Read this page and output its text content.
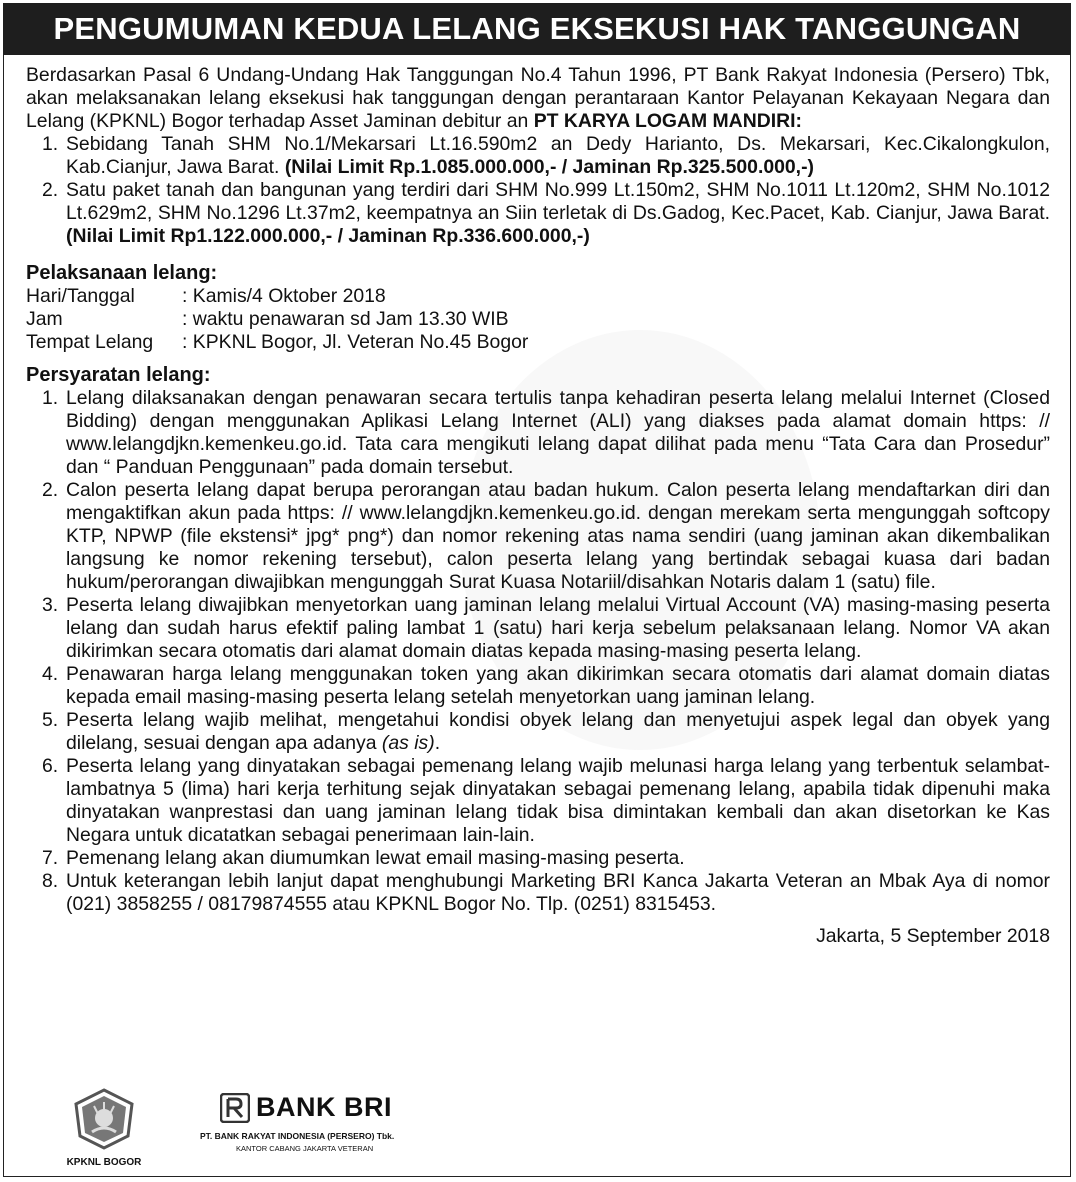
PENGUMUMAN KEDUA LELANG EKSEKUSI HAK TANGGUNGAN

Berdasarkan Pasal 6 Undang-Undang Hak Tanggungan No.4 Tahun 1996, PT Bank Rakyat Indonesia (Persero) Tbk, akan melaksanakan lelang eksekusi hak tanggungan dengan perantaraan Kantor Pelayanan Kekayaan Negara dan Lelang (KPKNL) Bogor terhadap Asset Jaminan debitur an PT KARYA LOGAM MANDIRI:

1. Sebidang Tanah SHM No.1/Mekarsari Lt.16.590m2 an Dedy Harianto, Ds. Mekarsari, Kec.Cikalongkulon, Kab.Cianjur, Jawa Barat. (Nilai Limit Rp.1.085.000.000,- / Jaminan Rp.325.500.000,-)
2. Satu paket tanah dan bangunan yang terdiri dari SHM No.999 Lt.150m2, SHM No.1011 Lt.120m2, SHM No.1012 Lt.629m2, SHM No.1296 Lt.37m2, keempatnya an Siin terletak di Ds.Gadog, Kec.Pacet, Kab. Cianjur, Jawa Barat. (Nilai Limit Rp1.122.000.000,- / Jaminan Rp.336.600.000,-)
Pelaksanaan lelang:
Hari/Tanggal	: Kamis/4 Oktober 2018
Jam	: waktu penawaran sd Jam 13.30 WIB
Tempat Lelang	: KPKNL Bogor, Jl. Veteran No.45 Bogor
Persyaratan lelang:
1. Lelang dilaksanakan dengan penawaran secara tertulis tanpa kehadiran peserta lelang melalui Internet (Closed Bidding) dengan menggunakan Aplikasi Lelang Internet (ALI) yang diakses pada alamat domain https: // www.lelangdjkn.kemenkeu.go.id. Tata cara mengikuti lelang dapat dilihat pada menu “Tata Cara dan Prosedur” dan “ Panduan Penggunaan” pada domain tersebut.
2. Calon peserta lelang dapat berupa perorangan atau badan hukum. Calon peserta lelang mendaftarkan diri dan mengaktifkan akun pada https: // www.lelangdjkn.kemenkeu.go.id. dengan merekam serta mengunggah softcopy KTP, NPWP (file ekstensi* jpg* png*) dan nomor rekening atas nama sendiri (uang jaminan akan dikembalikan langsung ke nomor rekening tersebut), calon peserta lelang yang bertindak sebagai kuasa dari badan hukum/perorangan diwajibkan mengunggah Surat Kuasa Notariil/disahkan Notaris dalam 1 (satu) file.
3. Peserta lelang diwajibkan menyetorkan uang jaminan lelang melalui Virtual Account (VA) masing-masing peserta lelang dan sudah harus efektif paling lambat 1 (satu) hari kerja sebelum pelaksanaan lelang. Nomor VA akan dikirimkan secara otomatis dari alamat domain diatas kepada masing-masing peserta lelang.
4. Penawaran harga lelang menggunakan token yang akan dikirimkan secara otomatis dari alamat domain diatas kepada email masing-masing peserta lelang setelah menyetorkan uang jaminan lelang.
5. Peserta lelang wajib melihat, mengetahui kondisi obyek lelang dan menyetujui aspek legal dan obyek yang dilelang, sesuai dengan apa adanya (as is).
6. Peserta lelang yang dinyatakan sebagai pemenang lelang wajib melunasi harga lelang yang terbentuk selambat-lambatnya 5 (lima) hari kerja terhitung sejak dinyatakan sebagai pemenang lelang, apabila tidak dipenuhi maka dinyatakan wanprestasi dan uang jaminan lelang tidak bisa dimintakan kembali dan akan disetorkan ke Kas Negara untuk dicatatkan sebagai penerimaan lain-lain.
7. Pemenang lelang akan diumumkan lewat email masing-masing peserta.
8. Untuk keterangan lebih lanjut dapat menghubungi Marketing BRI Kanca Jakarta Veteran an Mbak Aya di nomor (021) 3858255 / 08179874555 atau KPKNL Bogor No. Tlp. (0251) 8315453.
Jakarta, 5 September 2018
KPKNL BOGOR
BANK BRI
PT. BANK RAKYAT INDONESIA (PERSERO) Tbk.
KANTOR CABANG JAKARTA VETERAN
